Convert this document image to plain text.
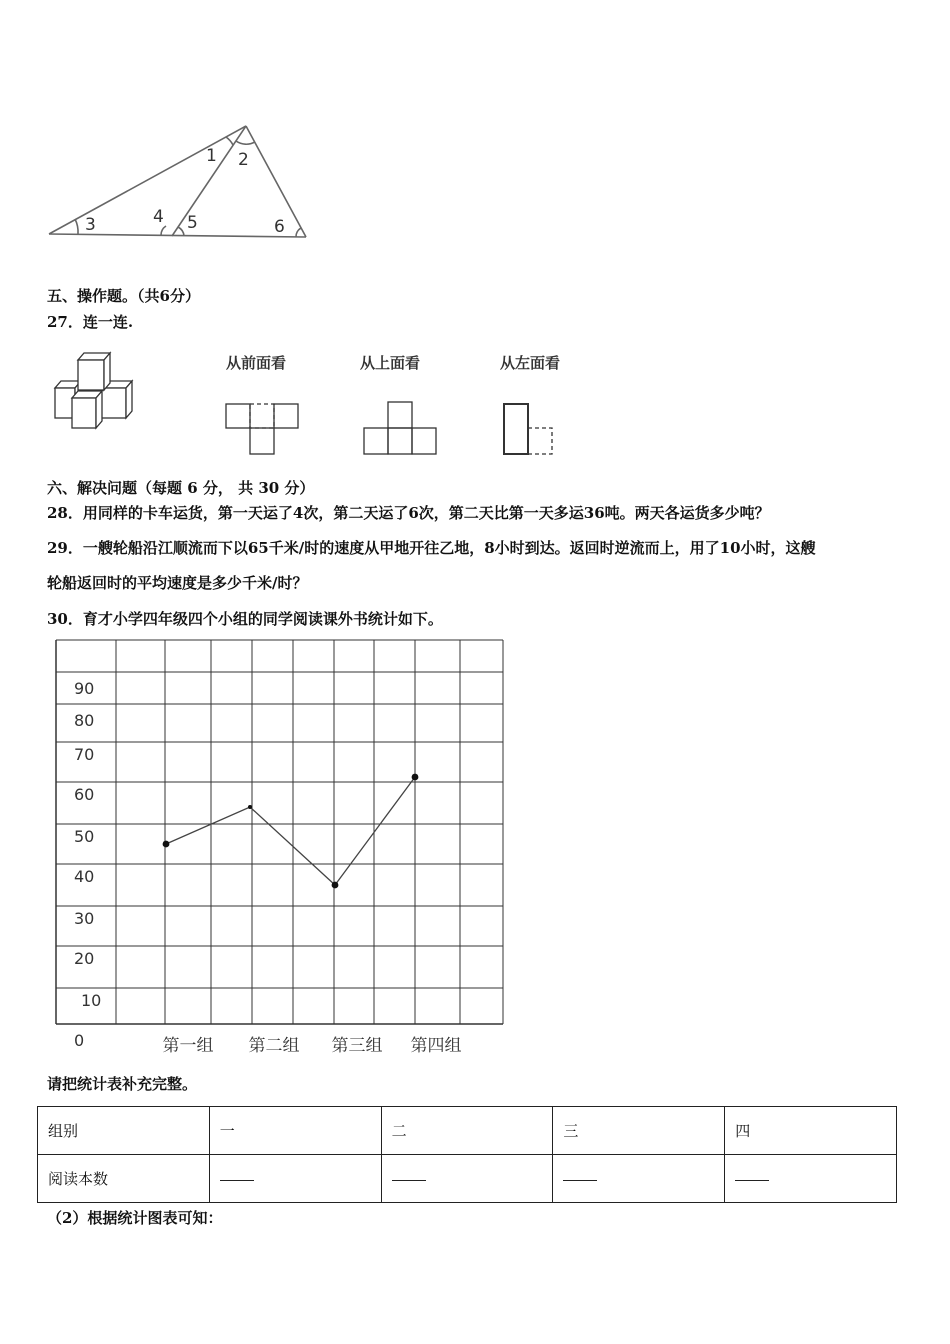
1 2
3	4 5	6
五、操作题。（共6分）
27．连一连.
从前面看	从上面看	从左面看
六、解决问题（每题 6 分， 共 30 分）
28．用同样的卡车运货，第一天运了4次，第二天运了6次，第二天比第一天多运36吨。两天各运货多少吨？
29．一艘轮船沿江顺流而下以65千米/时的速度从甲地开往乙地，8小时到达。返回时逆流而上，用了10小时，这艘
轮船返回时的平均速度是多少千米/时？
30．育才小学四年级四个小组的同学阅读课外书统计如下。
0
10
20
30
40
50
60
70
80
90
第一组 第二组 第三组 第四组
请把统计表补充完整。
组别	一	二	三	四
阅读本数				
（2）根据统计图表可知：
